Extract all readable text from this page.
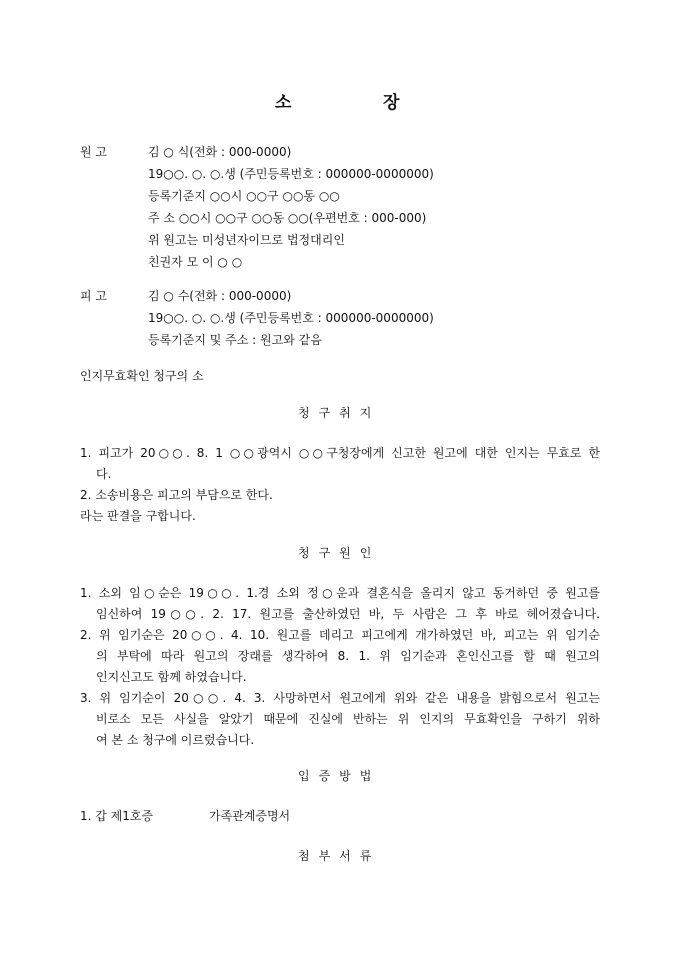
소	장
원 고	김 ○ 식(전화 : 000-0000)
19○○. ○. ○.생 (주민등록번호 : 000000-0000000)
등록기준지 ○○시 ○○구 ○○동 ○○
주 소 ○○시 ○○구 ○○동 ○○(우편번호 : 000-000)
위 원고는 미성년자이므로 법정대리인
친권자 모 이 ○ ○
피 고	김 ○ 수(전화 : 000-0000)
19○○. ○. ○.생 (주민등록번호 : 000000-0000000)
등록기준지 및 주소 : 원고와 같음
인지무효확인 청구의 소
청구취지
1. 피고가 20○○. 8. 1 ○○광역시 ○○구청장에게 신고한 원고에 대한 인지는 무효로 한
다.
2. 소송비용은 피고의 부담으로 한다.
라는 판결을 구합니다.
청구원인
1. 소외 임○순은 19○○. 1.경 소외 정○운과 결혼식을 올리지 않고 동거하던 중 원고를
임신하여 19○○. 2. 17. 원고를 출산하였던 바, 두 사람은 그 후 바로 헤어졌습니다.
2. 위 임기순은 20○○. 4. 10. 원고를 데리고 피고에게 개가하였던 바, 피고는 위 임기순
의 부탁에 따라 원고의 장래를 생각하여 8. 1. 위 임기순과 혼인신고를 할 때 원고의
인지신고도 함께 하였습니다.
3. 위 임기순이 20○○. 4. 3. 사망하면서 원고에게 위와 같은 내용을 밝힘으로서 원고는
비로소 모든 사실을 알았기 때문에 진실에 반하는 위 인지의 무효확인을 구하기 위하
여 본 소 청구에 이르렀습니다.
입증방법
1. 갑 제1호증	가족관계증명서
첨부서류
